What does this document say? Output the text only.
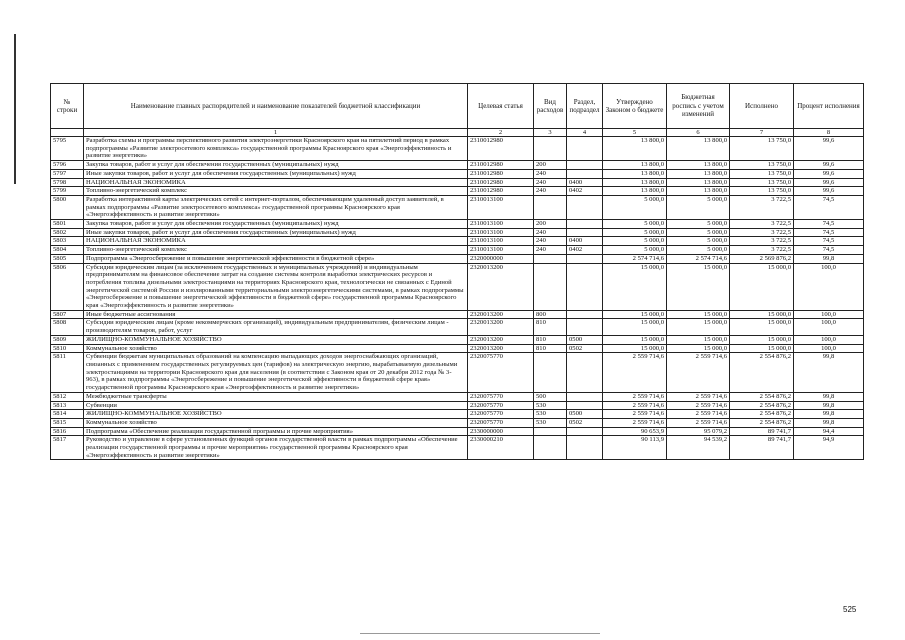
№ строки	Наименование главных распорядителей и наименование показателей бюджетной классификации	Целевая статья	Вид расходов	Раздел, подраздел	Утверждено Законом о бюджете	Бюджетная роспись с учетом изменений	Исполнено	Процент исполнения
	1	2	3	4	5	6	7	8
5795	Разработка схемы и программы перспективного развития электроэнергетики Красноярского края на пятилетний период в рамках подпрограммы «Развитие электросетевого комплекса» государственной программы Красноярского края «Энергоэффективность и развитие энергетики»	2310012980			13 800,0	13 800,0	13 750,0	99,6
5796	Закупка товаров, работ и услуг для обеспечения государственных (муниципальных) нужд	2310012980	200		13 800,0	13 800,0	13 750,0	99,6
5797	Иные закупки товаров, работ и услуг для обеспечения государственных (муниципальных) нужд	2310012980	240		13 800,0	13 800,0	13 750,0	99,6
5798	НАЦИОНАЛЬНАЯ ЭКОНОМИКА	2310012980	240	0400	13 800,0	13 800,0	13 750,0	99,6
5799	Топливно-энергетический комплекс	2310012980	240	0402	13 800,0	13 800,0	13 750,0	99,6
5800	Разработка интерактивной карты электрических сетей с интернет-порталом, обеспечивающим удаленный доступ заявителей, в рамках подпрограммы «Развитие электросетевого комплекса» государственной программы Красноярского края «Энергоэффективность и развитие энергетики»	2310013100			5 000,0	5 000,0	3 722,5	74,5
5801	Закупка товаров, работ и услуг для обеспечения государственных (муниципальных) нужд	2310013100	200		5 000,0	5 000,0	3 722,5	74,5
5802	Иные закупки товаров, работ и услуг для обеспечения государственных (муниципальных) нужд	2310013100	240		5 000,0	5 000,0	3 722,5	74,5
5803	НАЦИОНАЛЬНАЯ ЭКОНОМИКА	2310013100	240	0400	5 000,0	5 000,0	3 722,5	74,5
5804	Топливно-энергетический комплекс	2310013100	240	0402	5 000,0	5 000,0	3 722,5	74,5
5805	Подпрограмма «Энергосбережение и повышение энергетической эффективности в бюджетной сфере»	2320000000			2 574 714,6	2 574 714,6	2 569 876,2	99,8
5806	Субсидии юридическим лицам (за исключением государственных и муниципальных учреждений) и индивидуальным предпринимателям на финансовое обеспечение затрат на создание системы контроля выработки электрических ресурсов и потребления топлива дизельными электростанциями на территориях Красноярского края, технологически не связанных с Единой энергетической системой России и изолированными территориальными электроэнергетическими системами, в рамках подпрограммы «Энергосбережение и повышение энергетической эффективности в бюджетной сфере» государственной программы Красноярского края «Энергоэффективность и развитие энергетики»	2320013200			15 000,0	15 000,0	15 000,0	100,0
5807	Иные бюджетные ассигнования	2320013200	800		15 000,0	15 000,0	15 000,0	100,0
5808	Субсидии юридическим лицам (кроме некоммерческих организаций), индивидуальным предпринимателям, физическим лицам - производителям товаров, работ, услуг	2320013200	810		15 000,0	15 000,0	15 000,0	100,0
5809	ЖИЛИЩНО-КОММУНАЛЬНОЕ ХОЗЯЙСТВО	2320013200	810	0500	15 000,0	15 000,0	15 000,0	100,0
5810	Коммунальное хозяйство	2320013200	810	0502	15 000,0	15 000,0	15 000,0	100,0
5811	Субвенции бюджетам муниципальных образований на компенсацию выпадающих доходов энергоснабжающих организаций, связанных с применением государственных регулируемых цен (тарифов) на электрическую энергию, вырабатываемую дизельными электростанциями на территории Красноярского края для населения (в соответствии с Законом края от 20 декабря 2012 года № 3-963), в рамках подпрограммы «Энергосбережение и повышение энергетической эффективности в бюджетной сфере края» государственной программы Красноярского края «Энергоэффективность и развитие энергетики»	2320075770			2 559 714,6	2 559 714,6	2 554 876,2	99,8
5812	Межбюджетные трансферты	2320075770	500		2 559 714,6	2 559 714,6	2 554 876,2	99,8
5813	Субвенции	2320075770	530		2 559 714,6	2 559 714,6	2 554 876,2	99,8
5814	ЖИЛИЩНО-КОММУНАЛЬНОЕ ХОЗЯЙСТВО	2320075770	530	0500	2 559 714,6	2 559 714,6	2 554 876,2	99,8
5815	Коммунальное хозяйство	2320075770	530	0502	2 559 714,6	2 559 714,6	2 554 876,2	99,8
5816	Подпрограмма «Обеспечение реализации государственной программы и прочие мероприятия»	2330000000			90 653,9	95 079,2	89 741,7	94,4
5817	Руководство и управление в сфере установленных функций органов государственной власти в рамках подпрограммы «Обеспечение реализации государственной программы и прочие мероприятия» государственной программы Красноярского края «Энергоэффективность и развитие энергетики»	2330000210			90 113,9	94 539,2	89 741,7	94,9
525
